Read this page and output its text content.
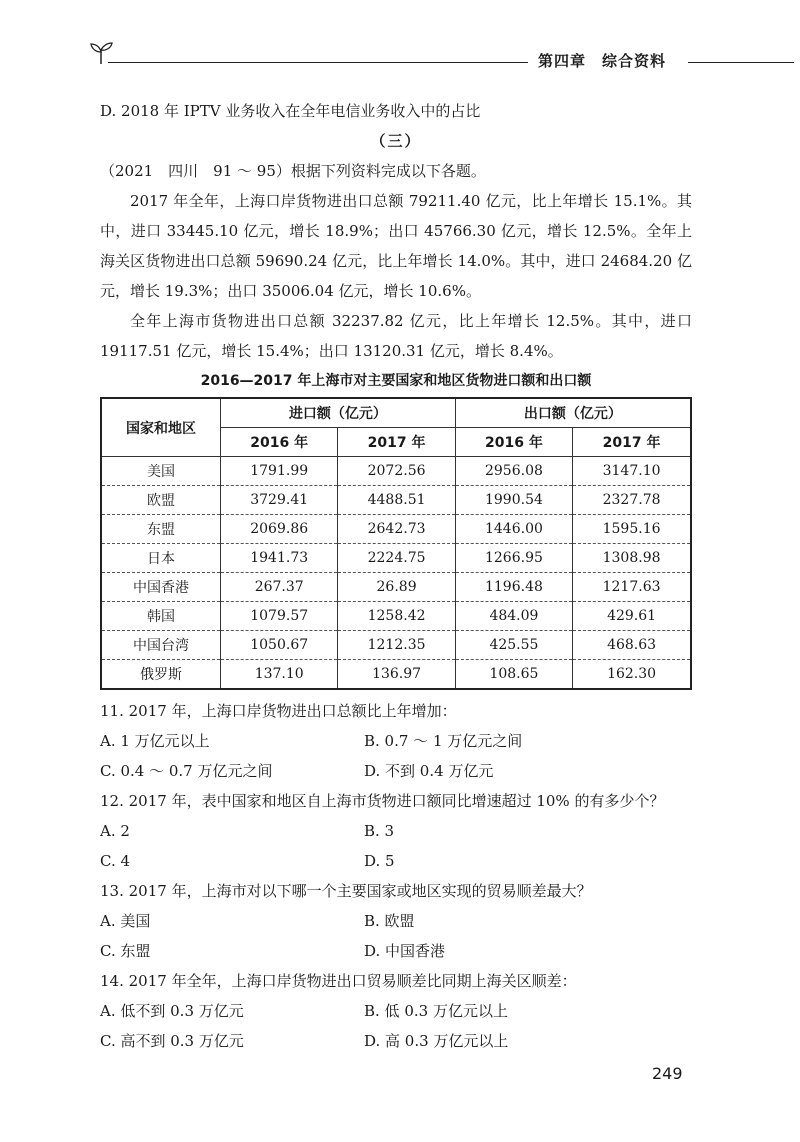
第四章　综合资料
D. 2018 年 IPTV 业务收入在全年电信业务收入中的占比
（三）
（2021　四川　91 ～ 95）根据下列资料完成以下各题。
2017 年全年，上海口岸货物进出口总额 79211.40 亿元，比上年增长 15.1%。其中，进口 33445.10 亿元，增长 18.9%；出口 45766.30 亿元，增长 12.5%。全年上海关区货物进出口总额 59690.24 亿元，比上年增长 14.0%。其中，进口 24684.20 亿元，增长 19.3%；出口 35006.04 亿元，增长 10.6%。
全年上海市货物进出口总额 32237.82 亿元，比上年增长 12.5%。其中，进口 19117.51 亿元，增长 15.4%；出口 13120.31 亿元，增长 8.4%。
2016—2017 年上海市对主要国家和地区货物进口额和出口额
国家和地区	进口额（亿元）		出口额（亿元）	
	2016 年	2017 年	2016 年	2017 年
美国	1791.99	2072.56	2956.08	3147.10
欧盟	3729.41	4488.51	1990.54	2327.78
东盟	2069.86	2642.73	1446.00	1595.16
日本	1941.73	2224.75	1266.95	1308.98
中国香港	267.37	26.89	1196.48	1217.63
韩国	1079.57	1258.42	484.09	429.61
中国台湾	1050.67	1212.35	425.55	468.63
俄罗斯	137.10	136.97	108.65	162.30
11. 2017 年，上海口岸货物进出口总额比上年增加：
A. 1 万亿元以上	B. 0.7 ～ 1 万亿元之间
C. 0.4 ～ 0.7 万亿元之间	D. 不到 0.4 万亿元
12. 2017 年，表中国家和地区自上海市货物进口额同比增速超过 10% 的有多少个？
A. 2	B. 3
C. 4	D. 5
13. 2017 年，上海市对以下哪一个主要国家或地区实现的贸易顺差最大？
A. 美国	B. 欧盟
C. 东盟	D. 中国香港
14. 2017 年全年，上海口岸货物进出口贸易顺差比同期上海关区顺差：
A. 低不到 0.3 万亿元	B. 低 0.3 万亿元以上
C. 高不到 0.3 万亿元	D. 高 0.3 万亿元以上
249
